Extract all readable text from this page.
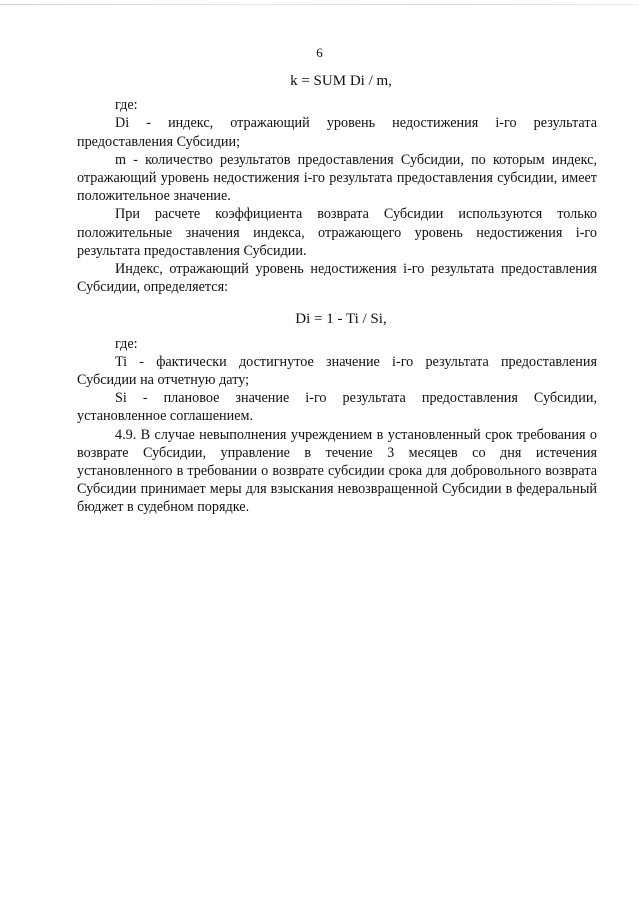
6
k = SUM Di / m,

где:

Di - индекс, отражающий уровень недостижения i-го результата предоставления Субсидии;

m - количество результатов предоставления Субсидии, по которым индекс, отражающий уровень недостижения i-го результата предоставления субсидии, имеет положительное значение.

При расчете коэффициента возврата Субсидии используются только положительные значения индекса, отражающего уровень недостижения i-го результата предоставления Субсидии.

Индекс, отражающий уровень недостижения i-го результата предоставления Субсидии, определяется:

Di = 1 - Ti / Si,

где:

Ti - фактически достигнутое значение i-го результата предоставления Субсидии на отчетную дату;

Si - плановое значение i-го результата предоставления Субсидии, установленное соглашением.

4.9. В случае невыполнения учреждением в установленный срок требования о возврате Субсидии, управление в течение 3 месяцев со дня истечения установленного в требовании о возврате субсидии срока для добровольного возврата Субсидии принимает меры для взыскания невозвращенной Субсидии в федеральный бюджет в судебном порядке.
